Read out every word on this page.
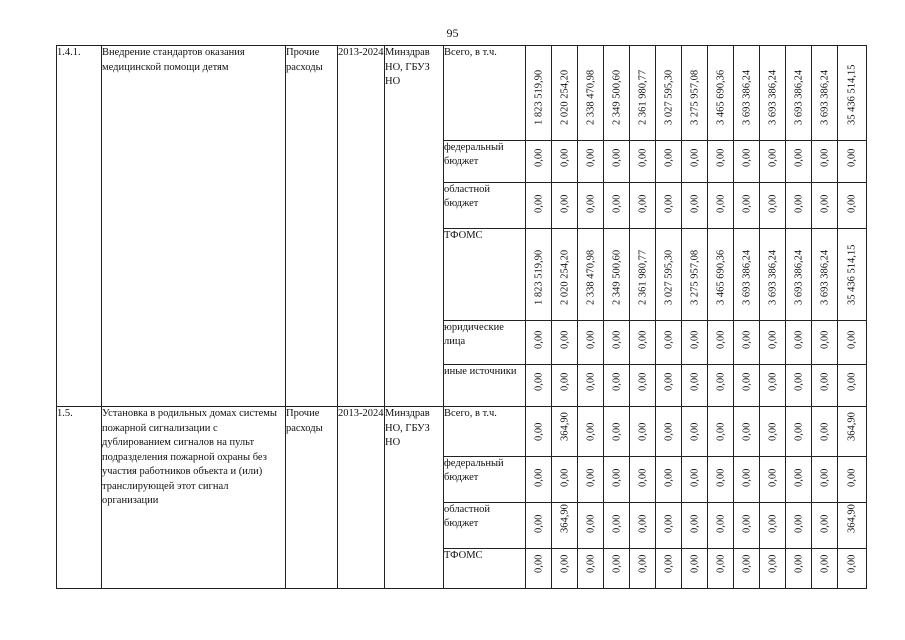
95
1.4.1.	Внедрение стандартов оказания медицинской помощи детям	Прочие расходы	2013-2024	Минздрав НО, ГБУЗ НО	Всего, в т.ч.	1 823 519,90	2 020 254,20	2 338 470,98	2 349 500,60	2 361 980,77	3 027 595,30	3 275 957,08	3 465 690,36	3 693 386,24	3 693 386,24	3 693 386,24	3 693 386,24	35 436 514,15

					федеральный бюджет	0,00	0,00	0,00	0,00	0,00	0,00	0,00	0,00	0,00	0,00	0,00	0,00	0,00

					областной бюджет	0,00	0,00	0,00	0,00	0,00	0,00	0,00	0,00	0,00	0,00	0,00	0,00	0,00

					ТФОМС	1 823 519,90	2 020 254,20	2 338 470,98	2 349 500,60	2 361 980,77	3 027 595,30	3 275 957,08	3 465 690,36	3 693 386,24	3 693 386,24	3 693 386,24	3 693 386,24	35 436 514,15

					юридические лица	0,00	0,00	0,00	0,00	0,00	0,00	0,00	0,00	0,00	0,00	0,00	0,00	0,00

					иные источники	0,00	0,00	0,00	0,00	0,00	0,00	0,00	0,00	0,00	0,00	0,00	0,00	0,00

1.5.	Установка в родильных домах системы пожарной сигнализации с дублированием сигналов на пульт подразделения пожарной охраны без участия работников объекта и (или) транслирующей этот сигнал организации	Прочие расходы	2013-2024	Минздрав НО, ГБУЗ НО	Всего, в т.ч.	0,00	364,90	0,00	0,00	0,00	0,00	0,00	0,00	0,00	0,00	0,00	0,00	364,90

					федеральный бюджет	0,00	0,00	0,00	0,00	0,00	0,00	0,00	0,00	0,00	0,00	0,00	0,00	0,00

					областной бюджет	0,00	364,90	0,00	0,00	0,00	0,00	0,00	0,00	0,00	0,00	0,00	0,00	364,90

					ТФОМС	0,00	0,00	0,00	0,00	0,00	0,00	0,00	0,00	0,00	0,00	0,00	0,00	0,00
